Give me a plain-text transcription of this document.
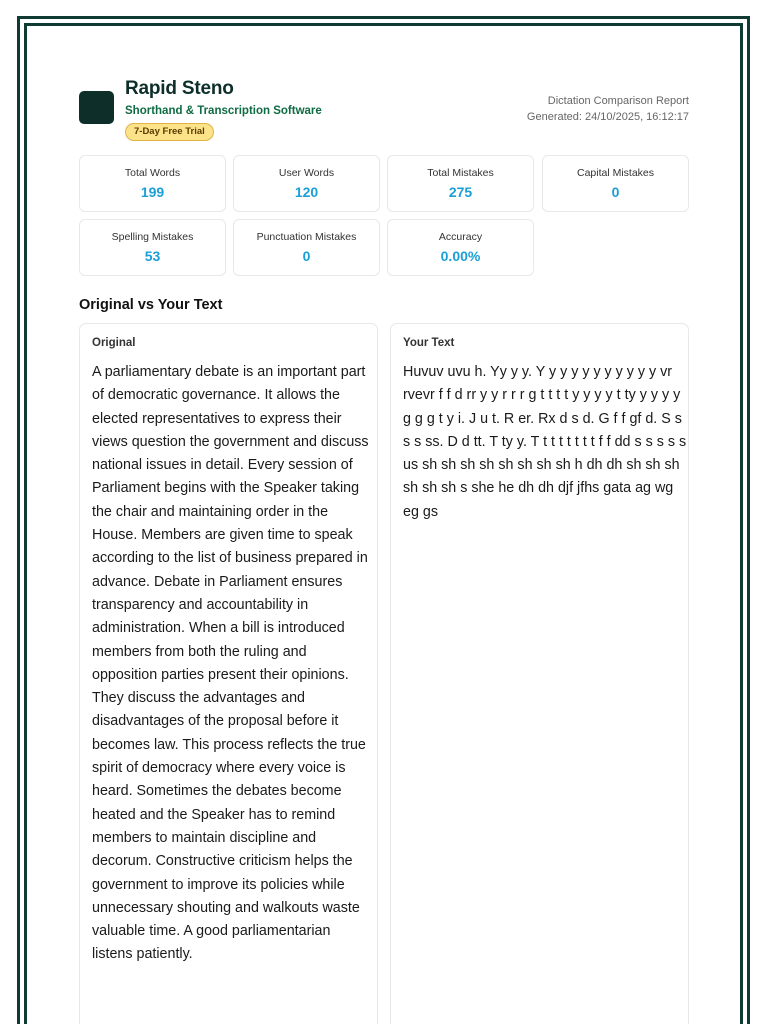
Rapid Steno
Shorthand & Transcription Software
7-Day Free Trial
Dictation Comparison Report
Generated: 24/10/2025, 16:12:17
Total Words
199
User Words
120
Total Mistakes
275
Capital Mistakes
0
Spelling Mistakes
53
Punctuation Mistakes
0
Accuracy
0.00%
Original vs Your Text
Original
A parliamentary debate is an important part of democratic governance. It allows the elected representatives to express their views question the government and discuss national issues in detail. Every session of Parliament begins with the Speaker taking the chair and maintaining order in the House. Members are given time to speak according to the list of business prepared in advance. Debate in Parliament ensures transparency and accountability in administration. When a bill is introduced members from both the ruling and opposition parties present their opinions. They discuss the advantages and disadvantages of the proposal before it becomes law. This process reflects the true spirit of democracy where every voice is heard. Sometimes the debates become heated and the Speaker has to remind members to maintain discipline and decorum. Constructive criticism helps the government to improve its policies while unnecessary shouting and walkouts waste valuable time. A good parliamentarian listens patiently.
Your Text
Huvuv uvu h. Yy y y. Y y y y y y y y y y y vr rvevr f f d rr y y r r r g t t t t y y y y t ty y y y y g g g t y i. J u t. R er. Rx d s d. G f f gf d. S s s s ss. D d tt. T ty y. T t t t t t t t f f dd s s s s s us sh sh sh sh sh sh sh sh h dh dh sh sh sh sh sh sh s she he dh dh djf jfhs gata ag wg eg gs
